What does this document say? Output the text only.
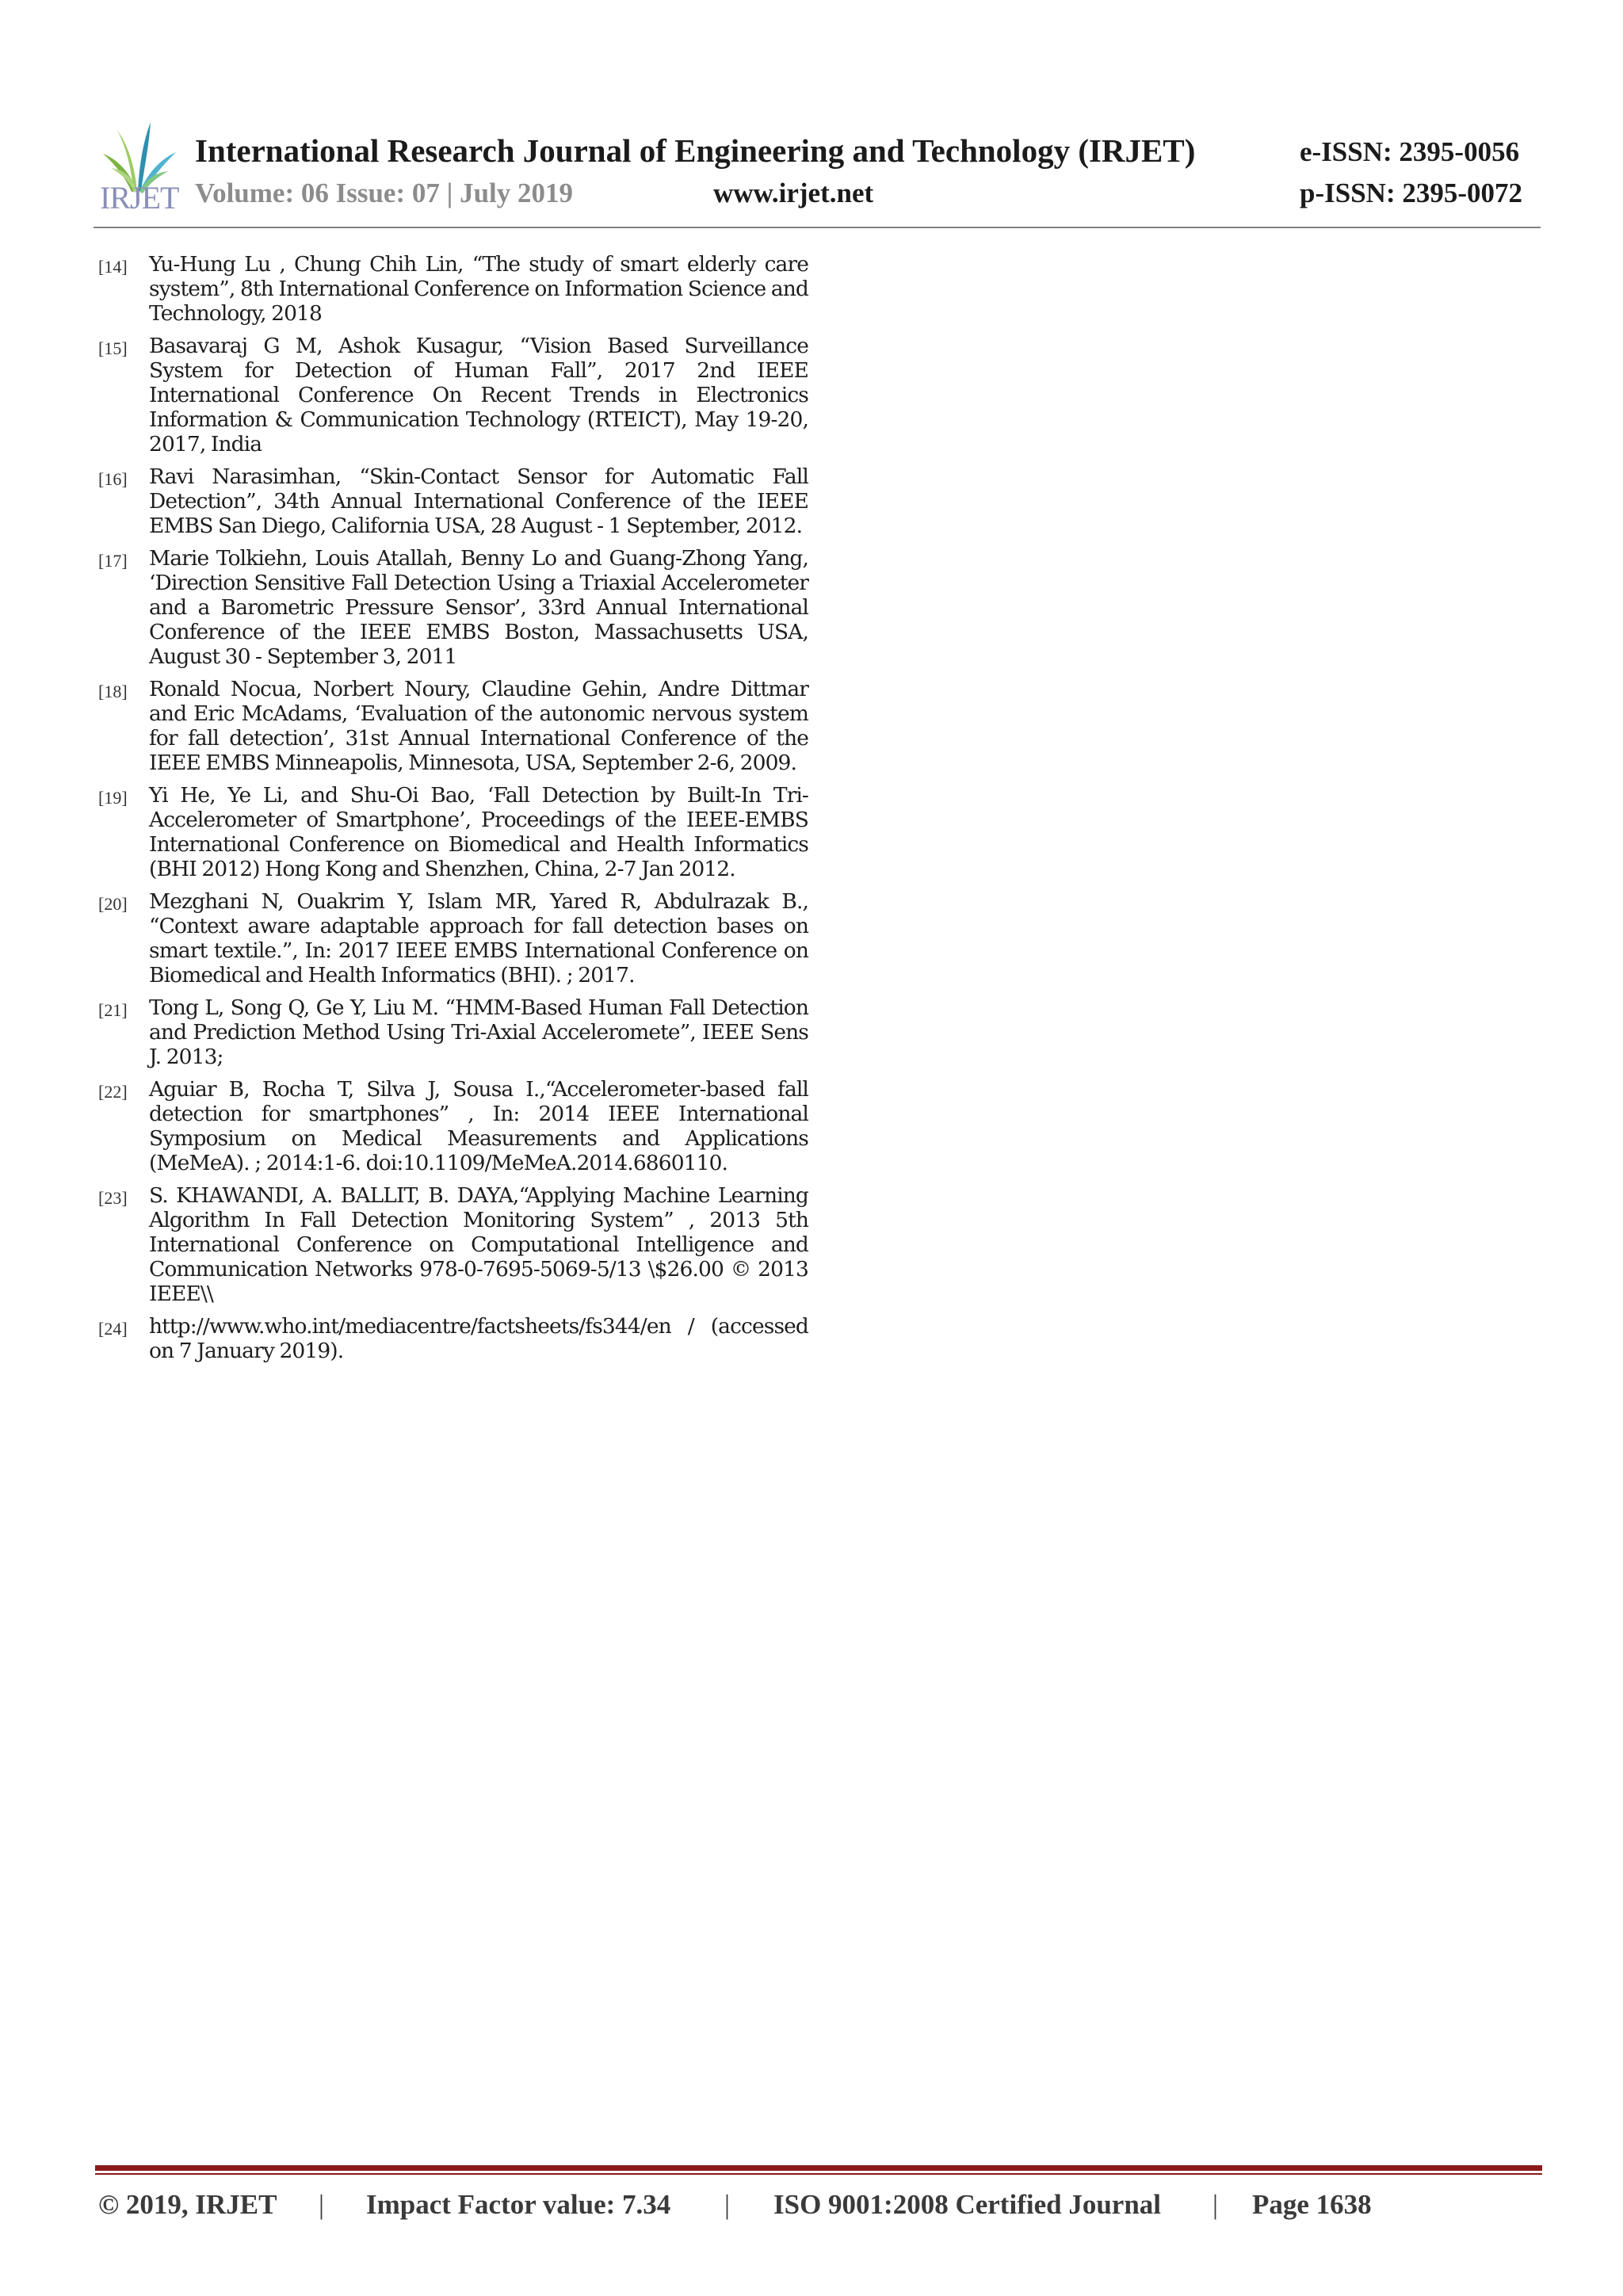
IRJET
International Research Journal of Engineering and Technology (IRJET)	e-ISSN: 2395-0056
Volume: 06 Issue: 07 | July 2019	www.irjet.net	p-ISSN: 2395-0072
[14] Yu-Hung Lu , Chung Chih Lin, “The study of smart elderly care system”, 8th International Conference on Information Science and Technology, 2018
[15] Basavaraj G M, Ashok Kusagur, “Vision Based Surveillance System for Detection of Human Fall”, 2017 2nd IEEE International Conference On Recent Trends in Electronics Information & Communication Technology (RTEICT), May 19-20, 2017, India
[16] Ravi Narasimhan, “Skin-Contact Sensor for Automatic Fall Detection”, 34th Annual International Conference of the IEEE EMBS San Diego, California USA, 28 August - 1 September, 2012.
[17] Marie Tolkiehn, Louis Atallah, Benny Lo and Guang-Zhong Yang, ‘Direction Sensitive Fall Detection Using a Triaxial Accelerometer and a Barometric Pressure Sensor’, 33rd Annual International Conference of the IEEE EMBS Boston, Massachusetts USA, August 30 - September 3, 2011
[18] Ronald Nocua, Norbert Noury, Claudine Gehin, Andre Dittmar and Eric McAdams, ‘Evaluation of the autonomic nervous system for fall detection’, 31st Annual International Conference of the IEEE EMBS Minneapolis, Minnesota, USA, September 2-6, 2009.
[19] Yi He, Ye Li, and Shu-Oi Bao, ‘Fall Detection by Built-In Tri-Accelerometer of Smartphone’, Proceedings of the IEEE-EMBS International Conference on Biomedical and Health Informatics (BHI 2012) Hong Kong and Shenzhen, China, 2-7 Jan 2012.
[20] Mezghani N, Ouakrim Y, Islam MR, Yared R, Abdulrazak B., “Context aware adaptable approach for fall detection bases on smart textile.”, In: 2017 IEEE EMBS International Conference on Biomedical and Health Informatics (BHI). ; 2017.
[21] Tong L, Song Q, Ge Y, Liu M. “HMM-Based Human Fall Detection and Prediction Method Using Tri-Axial Acceleromete”, IEEE Sens J. 2013;
[22] Aguiar B, Rocha T, Silva J, Sousa I.,“Accelerometer-based fall detection for smartphones” , In: 2014 IEEE International Symposium on Medical Measurements and Applications (MeMeA). ; 2014:1-6. doi:10.1109/MeMeA.2014.6860110.
[23] S. KHAWANDI, A. BALLIT, B. DAYA,“Applying Machine Learning Algorithm In Fall Detection Monitoring System” , 2013 5th International Conference on Computational Intelligence and Communication Networks 978-0-7695-5069-5/13 \$26.00 © 2013 IEEE\\
[24] http://www.who.int/mediacentre/factsheets/fs344/en / (accessed on 7 January 2019).
© 2019, IRJET | Impact Factor value: 7.34 | ISO 9001:2008 Certified Journal | Page 1638
